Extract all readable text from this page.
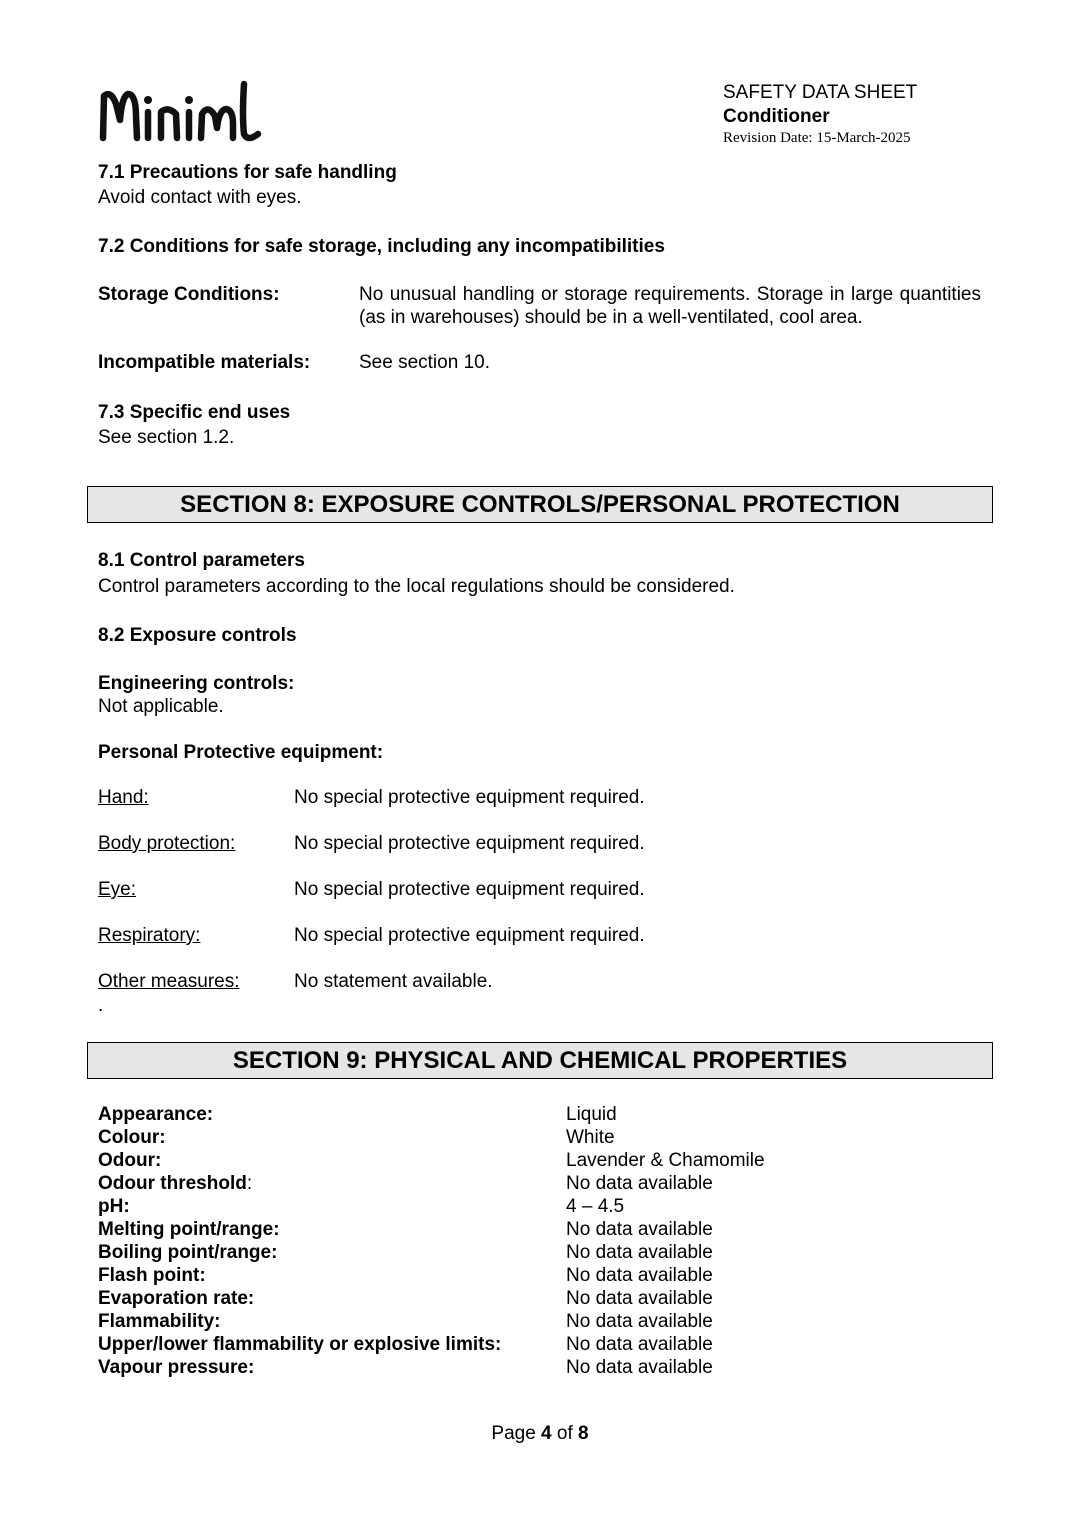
SAFETY DATA SHEET
Conditioner
Revision Date: 15-March-2025
7.1 Precautions for safe handling
Avoid contact with eyes.
7.2 Conditions for safe storage, including any incompatibilities
Storage Conditions:	No unusual handling or storage requirements. Storage in large quantities (as in warehouses) should be in a well-ventilated, cool area.
Incompatible materials:	See section 10.
7.3 Specific end uses
See section 1.2.
SECTION 8: EXPOSURE CONTROLS/PERSONAL PROTECTION
8.1 Control parameters
Control parameters according to the local regulations should be considered.
8.2 Exposure controls
Engineering controls:
Not applicable.
Personal Protective equipment:
Hand:	No special protective equipment required.
Body protection:	No special protective equipment required.
Eye:	No special protective equipment required.
Respiratory:	No special protective equipment required.
Other measures:	No statement available.
.
SECTION 9: PHYSICAL AND CHEMICAL PROPERTIES
Appearance:	Liquid
Colour:	White
Odour:	Lavender & Chamomile
Odour threshold:	No data available
pH:	4 – 4.5
Melting point/range:	No data available
Boiling point/range:	No data available
Flash point:	No data available
Evaporation rate:	No data available
Flammability:	No data available
Upper/lower flammability or explosive limits:	No data available
Vapour pressure:	No data available
Page 4 of 8
